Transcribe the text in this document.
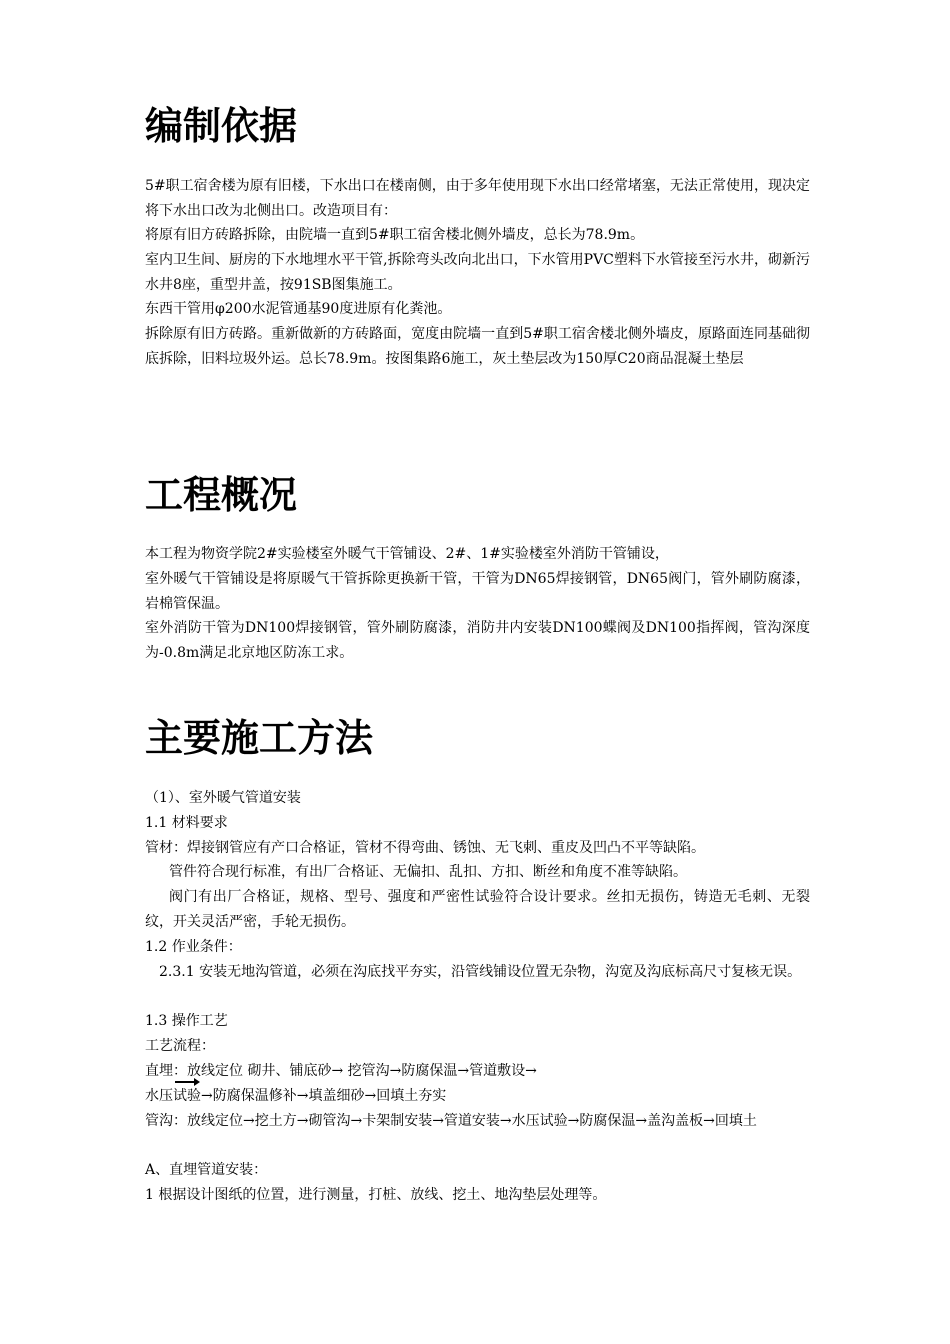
编制依据
5#职工宿舍楼为原有旧楼，下水出口在楼南侧，由于多年使用现下水出口经常堵塞，无法正常使用，现决定将下水出口改为北侧出口。改造项目有：
将原有旧方砖路拆除，由院墙一直到5#职工宿舍楼北侧外墙皮，总长为78.9m。
室内卫生间、厨房的下水地埋水平干管,拆除弯头改向北出口，下水管用PVC塑料下水管接至污水井，砌新污水井8座，重型井盖，按91SB图集施工。
东西干管用φ200水泥管通基90度进原有化粪池。
拆除原有旧方砖路。重新做新的方砖路面，宽度由院墙一直到5#职工宿舍楼北侧外墙皮，原路面连同基础彻底拆除，旧料垃圾外运。总长78.9m。按图集路6施工，灰土垫层改为150厚C20商品混凝土垫层
工程概况
本工程为物资学院2#实验楼室外暖气干管铺设、2#、1#实验楼室外消防干管铺设，
室外暖气干管铺设是将原暖气干管拆除更换新干管，干管为DN65焊接钢管，DN65阀门，管外刷防腐漆，岩棉管保温。
室外消防干管为DN100焊接钢管，管外刷防腐漆，消防井内安装DN100蝶阀及DN100指挥阀，管沟深度为-0.8m满足北京地区防冻工求。
主要施工方法
（1）、室外暖气管道安装
1.1 材料要求
管材：焊接钢管应有产口合格证，管材不得弯曲、锈蚀、无飞刺、重皮及凹凸不平等缺陷。
管件符合现行标准，有出厂合格证、无偏扣、乱扣、方扣、断丝和角度不准等缺陷。
阀门有出厂合格证，规格、型号、强度和严密性试验符合设计要求。丝扣无损伤，铸造无毛刺、无裂纹，开关灵活严密，手轮无损伤。
1.2 作业条件：
2.3.1 安装无地沟管道，必须在沟底找平夯实，沿管线铺设位置无杂物，沟宽及沟底标高尺寸复核无误。
1.3 操作工艺
工艺流程：
直埋：放线定位 砌井、铺底砂→ 挖管沟→防腐保温→管道敷设→
水压试验→防腐保温修补→填盖细砂→回填土夯实
管沟：放线定位→挖土方→砌管沟→卡架制安装→管道安装→水压试验→防腐保温→盖沟盖板→回填土
A、直埋管道安装：
1 根据设计图纸的位置，进行测量，打桩、放线、挖土、地沟垫层处理等。
